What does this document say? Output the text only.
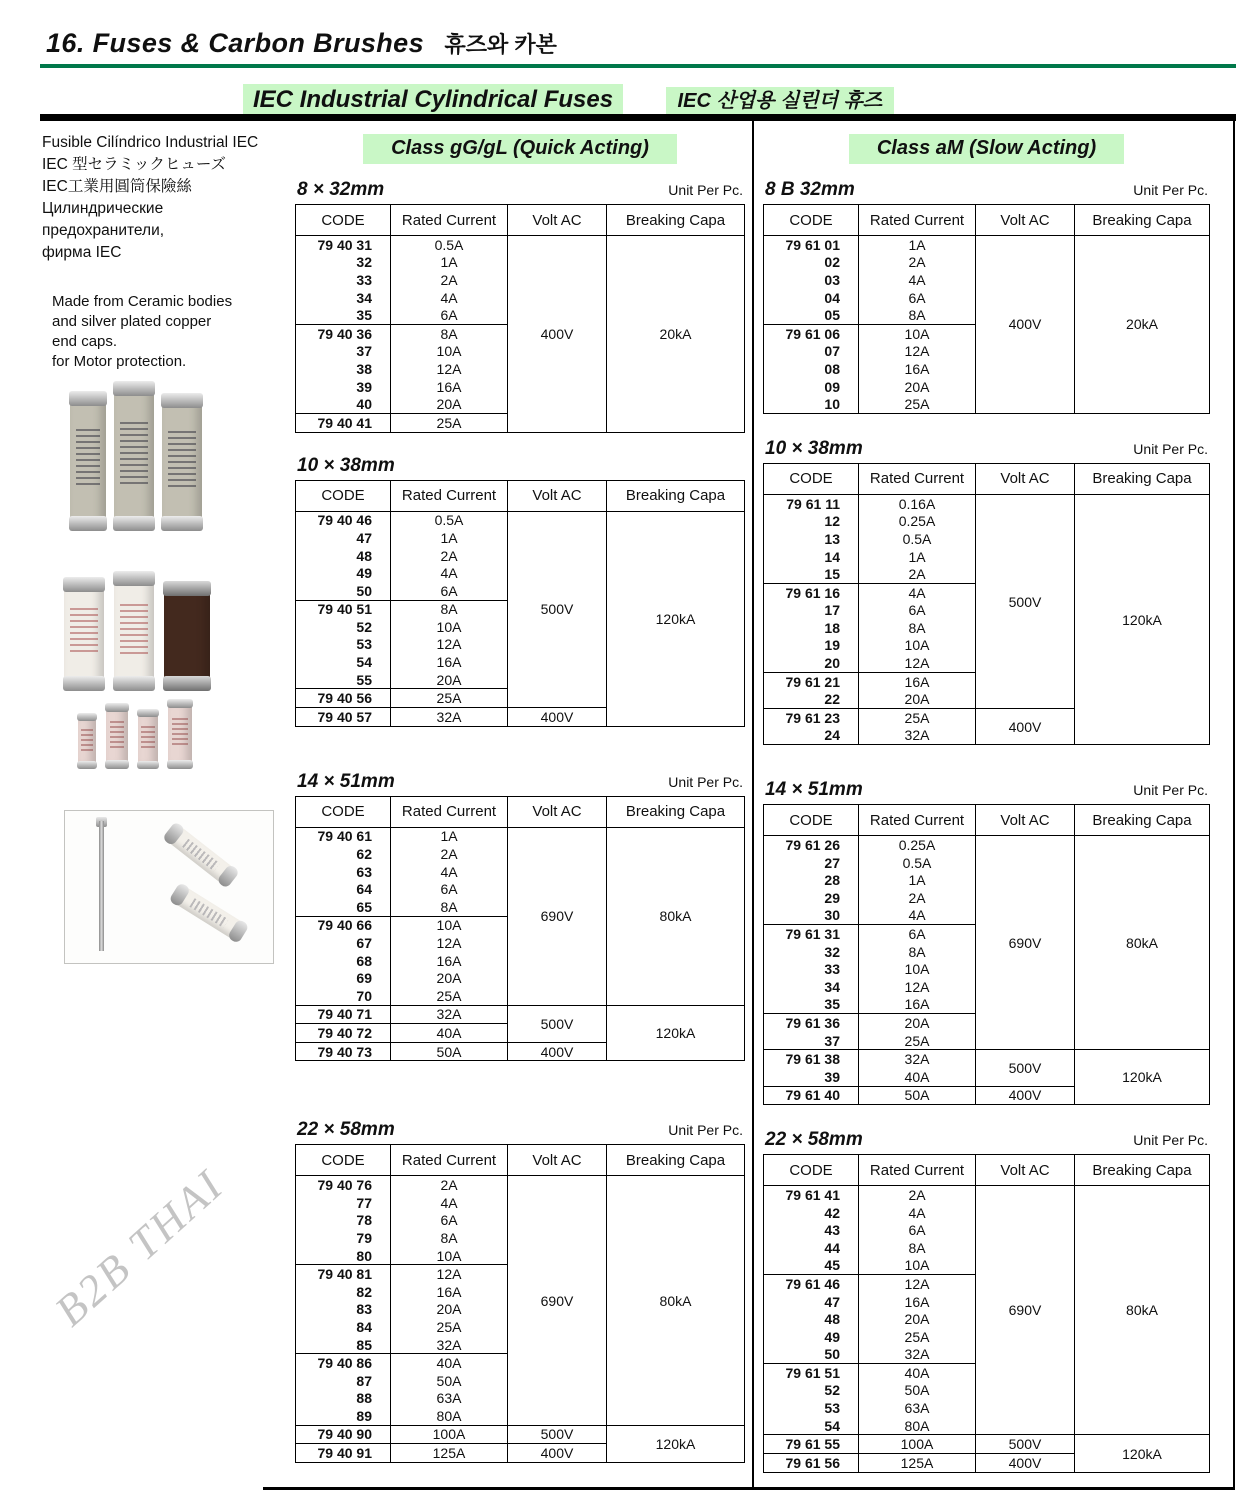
16. Fuses & Carbon Brushes 휴즈와 카본
IEC Industrial Cylindrical Fuses	IEC 산업용 실린더 휴즈
Fusible Cilíndrico Industrial IEC
IEC 型セラミックヒューズ
IEC工業用圓筒保險絲
Цилиндрические
предохранители,
фирма IEC
Made from Ceramic bodies
and silver plated copper
end caps.
for Motor protection.
Class gG/gL (Quick Acting)
8 × 32mm	Unit Per Pc.
CODE	Rated Current	Volt AC	Breaking Capa
79 40 31	0.5A	400V	20kA
32	1A		
33	2A		
34	4A		
35	6A		
79 40 36	8A		
37	10A		
38	12A		
39	16A		
40	20A		
79 40 41	25A		
10 × 38mm
CODE	Rated Current	Volt AC	Breaking Capa
79 40 46	0.5A	500V	120kA
47	1A		
48	2A		
49	4A		
50	6A		
79 40 51	8A		
52	10A		
53	12A		
54	16A		
55	20A		
79 40 56	25A		
79 40 57	32A	400V	
14 × 51mm	Unit Per Pc.
CODE	Rated Current	Volt AC	Breaking Capa
79 40 61	1A	690V	80kA
62	2A		
63	4A		
64	6A		
65	8A		
79 40 66	10A		
67	12A		
68	16A		
69	20A		
70	25A		
79 40 71	32A	500V	120kA
79 40 72	40A		
79 40 73	50A	400V	
22 × 58mm	Unit Per Pc.
CODE	Rated Current	Volt AC	Breaking Capa
79 40 76	2A	690V	80kA
77	4A		
78	6A		
79	8A		
80	10A		
79 40 81	12A		
82	16A		
83	20A		
84	25A		
85	32A		
79 40 86	40A		
87	50A		
88	63A		
89	80A		
79 40 90	100A	500V	120kA
79 40 91	125A	400V	
Class aM (Slow Acting)
8 B 32mm	Unit Per Pc.
CODE	Rated Current	Volt AC	Breaking Capa
79 61 01	1A	400V	20kA
02	2A		
03	4A		
04	6A		
05	8A		
79 61 06	10A		
07	12A		
08	16A		
09	20A		
10	25A		
10 × 38mm	Unit Per Pc.
CODE	Rated Current	Volt AC	Breaking Capa
79 61 11	0.16A	500V	120kA
12	0.25A		
13	0.5A		
14	1A		
15	2A		
79 61 16	4A		
17	6A		
18	8A		
19	10A		
20	12A		
79 61 21	16A		
22	20A		
79 61 23	25A	400V	
24	32A		
14 × 51mm	Unit Per Pc.
CODE	Rated Current	Volt AC	Breaking Capa
79 61 26	0.25A	690V	80kA
27	0.5A		
28	1A		
29	2A		
30	4A		
79 61 31	6A		
32	8A		
33	10A		
34	12A		
35	16A		
79 61 36	20A		
37	25A		
79 61 38	32A	500V	120kA
39	40A		
79 61 40	50A	400V	
22 × 58mm	Unit Per Pc.
CODE	Rated Current	Volt AC	Breaking Capa
79 61 41	2A	690V	80kA
42	4A		
43	6A		
44	8A		
45	10A		
79 61 46	12A		
47	16A		
48	20A		
49	25A		
50	32A		
79 61 51	40A		
52	50A		
53	63A		
54	80A		
79 61 55	100A	500V	120kA
79 61 56	125A	400V	
B2B THAI
